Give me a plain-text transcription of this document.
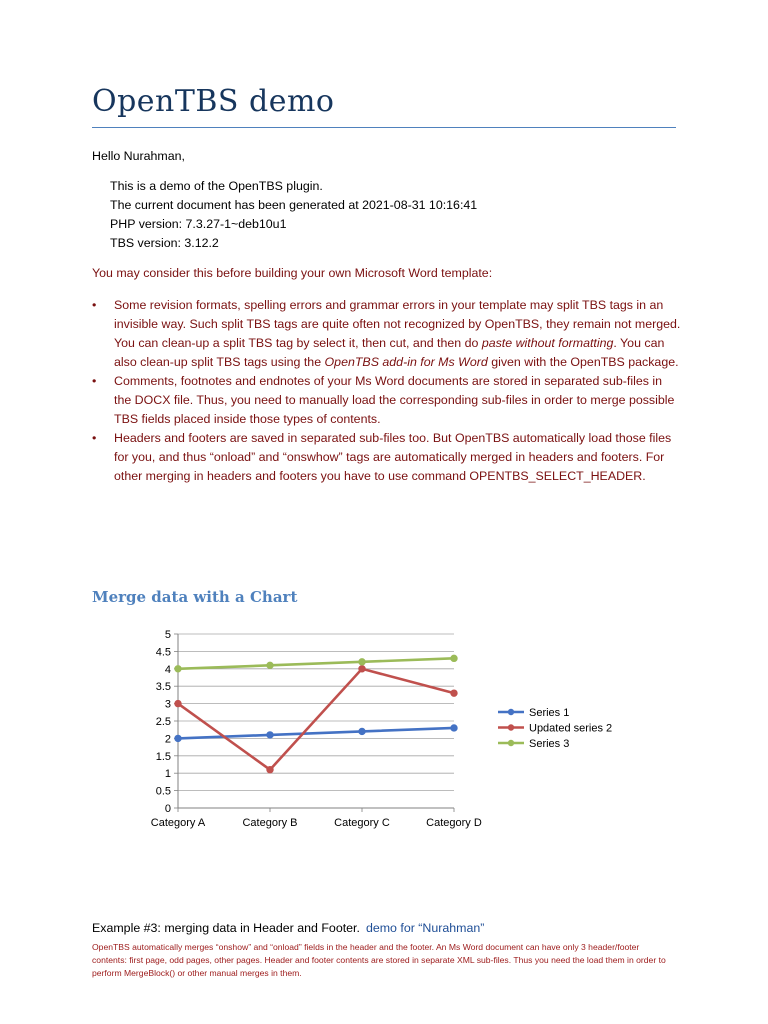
OpenTBS demo
Hello Nurahman,
This is a demo of the OpenTBS plugin.
The current document has been generated at 2021-08-31 10:16:41
PHP version: 7.3.27-1~deb10u1
TBS version: 3.12.2
You may consider this before building your own Microsoft Word template:
• Some revision formats, spelling errors and grammar errors in your template may split TBS tags in an invisible way. Such split TBS tags are quite often not recognized by OpenTBS, they remain not merged. You can clean-up a split TBS tag by select it, then cut, and then do paste without formatting. You can also clean-up split TBS tags using the OpenTBS add-in for Ms Word given with the OpenTBS package.
• Comments, footnotes and endnotes of your Ms Word documents are stored in separated sub-files in the DOCX file. Thus, you need to manually load the corresponding sub-files in order to merge possible TBS fields placed inside those types of contents.
• Headers and footers are saved in separated sub-files too. But OpenTBS automatically load those files for you, and thus “onload” and “onswhow” tags are automatically merged in headers and footers. For other merging in headers and footers you have to use command OPENTBS_SELECT_HEADER.
Merge data with a Chart
0
0.5
1
1.5
2
2.5
3
3.5
4
4.5
5
Category A	Category B	Category C	Category D
Series 1
Updated series 2
Series 3
Example #3: merging data in Header and Footer. demo for “Nurahman”
OpenTBS automatically merges “onshow” and “onload” fields in the header and the footer. An Ms Word document can have only 3 header/footer contents: first page, odd pages, other pages. Header and footer contents are stored in separate XML sub-files. Thus you need the load them in order to perform MergeBlock() or other manual merges in them.
